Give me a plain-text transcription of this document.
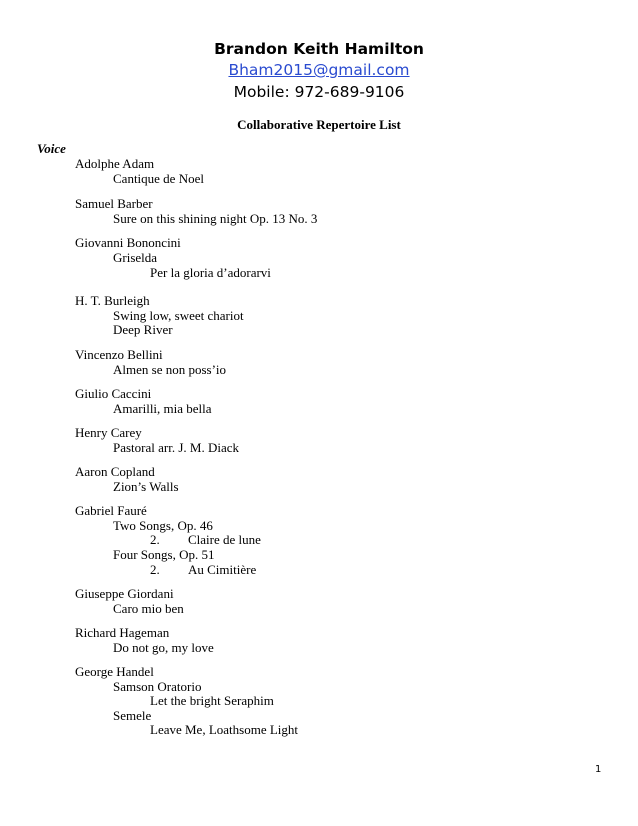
Brandon Keith Hamilton
Bham2015@gmail.com
Mobile: 972-689-9106
Collaborative Repertoire List
Voice
Adolphe Adam
Cantique de Noel
Samuel Barber
Sure on this shining night Op. 13 No. 3
Giovanni Bononcini
Griselda
Per la gloria d’adorarvi
H. T. Burleigh
Swing low, sweet chariot
Deep River
Vincenzo Bellini
Almen se non poss’io
Giulio Caccini
Amarilli, mia bella
Henry Carey
Pastoral arr. J. M. Diack
Aaron Copland
Zion’s Walls
Gabriel Fauré
Two Songs, Op. 46
2. Claire de lune
Four Songs, Op. 51
2. Au Cimitière
Giuseppe Giordani
Caro mio ben
Richard Hageman
Do not go, my love
George Handel
Samson Oratorio
Let the bright Seraphim
Semele
Leave Me, Loathsome Light
1
